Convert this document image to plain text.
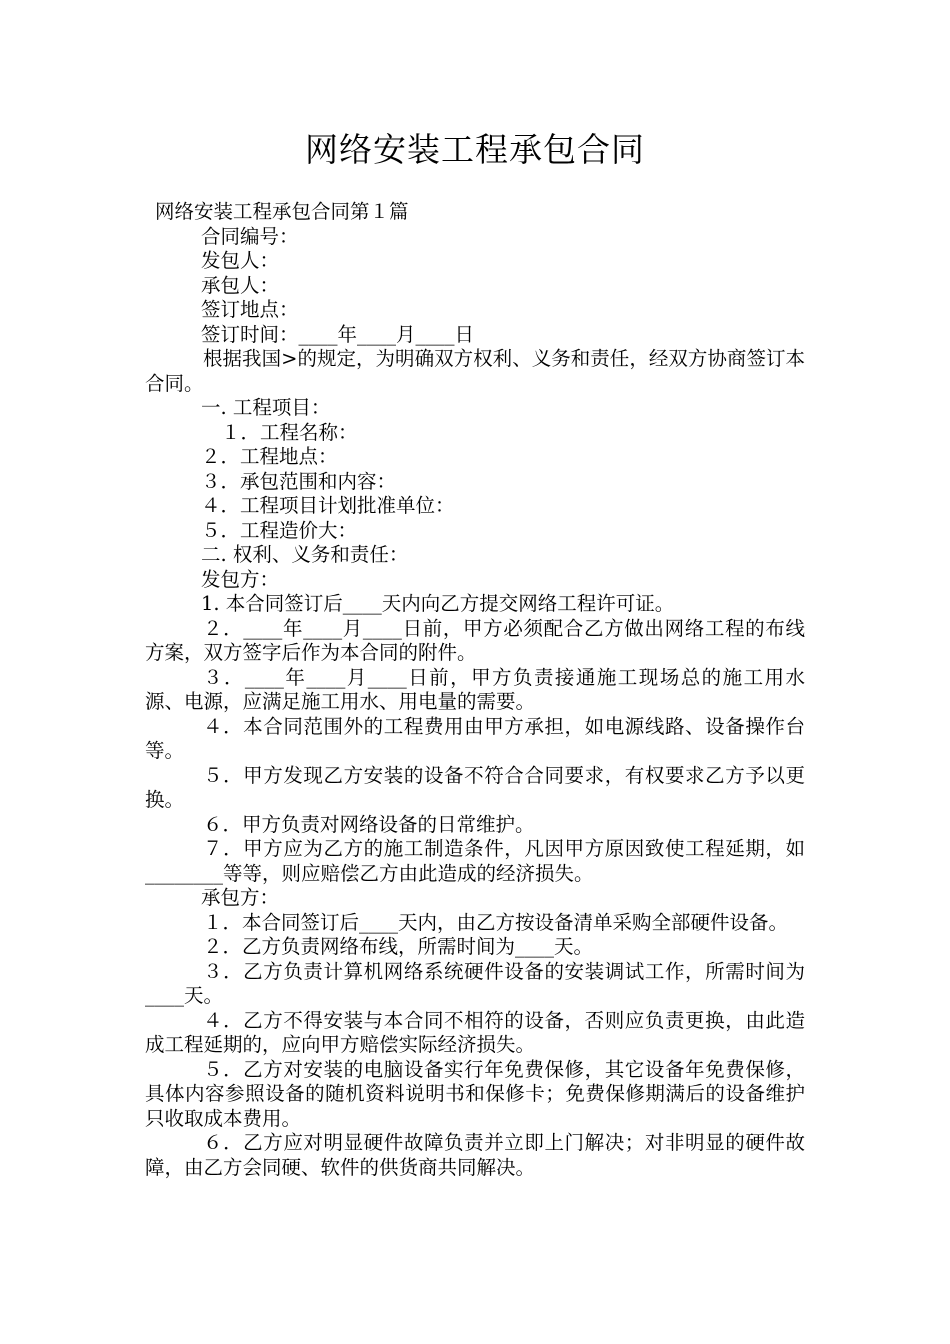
网络安装工程承包合同
网络安装工程承包合同第１篇
合同编号：
发包人：
承包人：
签订地点：
签订时间：____年____月____日
根据我国>的规定，为明确双方权利、义务和责任，经双方协商签订本合同。
一. 工程项目：
１．工程名称：
２．工程地点：
３．承包范围和内容：
４．工程项目计划批准单位：
５．工程造价大：
二. 权利、义务和责任：
发包方：
1. 本合同签订后____天内向乙方提交网络工程许可证。
２．____年____月____日前，甲方必须配合乙方做出网络工程的布线方案，双方签字后作为本合同的附件。
３．____年____月____日前，甲方负责接通施工现场总的施工用水源、电源，应满足施工用水、用电量的需要。
４．本合同范围外的工程费用由甲方承担，如电源线路、设备操作台等。
５．甲方发现乙方安装的设备不符合合同要求，有权要求乙方予以更换。
６．甲方负责对网络设备的日常维护。
７．甲方应为乙方的施工制造条件，凡因甲方原因致使工程延期，如________等等，则应赔偿乙方由此造成的经济损失。
承包方：
１．本合同签订后____天内，由乙方按设备清单采购全部硬件设备。
２．乙方负责网络布线，所需时间为____天。
３．乙方负责计算机网络系统硬件设备的安装调试工作，所需时间为____天。
４．乙方不得安装与本合同不相符的设备，否则应负责更换，由此造成工程延期的，应向甲方赔偿实际经济损失。
５．乙方对安装的电脑设备实行年免费保修，其它设备年免费保修，具体内容参照设备的随机资料说明书和保修卡；免费保修期满后的设备维护只收取成本费用。
６．乙方应对明显硬件故障负责并立即上门解决；对非明显的硬件故障，由乙方会同硬、软件的供货商共同解决。
